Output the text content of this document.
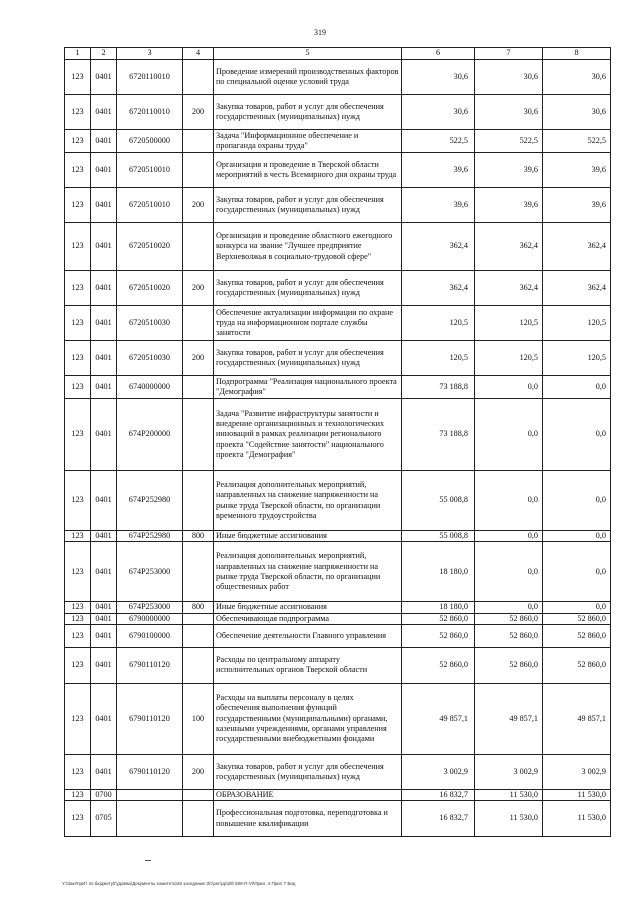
319
1	2	3	4	5	6	7	8
123	0401	6720110010		Проведение измерений производственных факторов по специальной оценке условий труда	30,6	30,6	30,6
123	0401	6720110010	200	Закупка товаров, работ и услуг для обеспечения государственных (муниципальных) нужд	30,6	30,6	30,6
123	0401	6720500000		Задача "Информационное обеспечение и пропаганда охраны труда"	522,5	522,5	522,5
123	0401	6720510010		Организация и проведение в Тверской области мероприятий в честь Всемирного дня охраны труда	39,6	39,6	39,6
123	0401	6720510010	200	Закупка товаров, работ и услуг для обеспечения государственных (муниципальных) нужд	39,6	39,6	39,6
123	0401	6720510020		Организация и проведение областного ежегодного конкурса на звание "Лучшее предприятие Верхневолжья в социально-трудовой сфере"	362,4	362,4	362,4
123	0401	6720510020	200	Закупка товаров, работ и услуг для обеспечения государственных (муниципальных) нужд	362,4	362,4	362,4
123	0401	6720510030		Обеспечение актуализации информации по охране труда на информационном портале службы занятости	120,5	120,5	120,5
123	0401	6720510030	200	Закупка товаров, работ и услуг для обеспечения государственных (муниципальных) нужд	120,5	120,5	120,5
123	0401	6740000000		Подпрограмма "Реализация национального проекта "Демография"	73 188,8	0,0	0,0
123	0401	674P200000		Задача "Развитие инфраструктуры занятости и внедрение организационных и технологических инноваций в рамках реализации регионального проекта "Содействие занятости" национального проекта "Демография"	73 188,8	0,0	0,0
123	0401	674P252980		Реализация дополнительных мероприятий, направленных на снижение напряженности на рынке труда Тверской области, по организации временного трудоустройства	55 008,8	0,0	0,0
123	0401	674P252980	800	Иные бюджетные ассигнования	55 008,8	0,0	0,0
123	0401	674P253000		Реализация дополнительных мероприятий, направленных на снижение напряженности на рынке труда Тверской области, по организации общественных работ	18 180,0	0,0	0,0
123	0401	674P253000	800	Иные бюджетные ассигнования	18 180,0	0,0	0,0
123	0401	6790000000		Обеспечивающая подпрограмма	52 860,0	52 860,0	52 860,0
123	0401	6790100000		Обеспечение деятельности Главного управления	52 860,0	52 860,0	52 860,0
123	0401	6790110120		Расходы по центральному аппарату исполнительных органов Тверской области	52 860,0	52 860,0	52 860,0
123	0401	6790110120	100	Расходы на выплаты персоналу в целях обеспечения выполнения функций государственными (муниципальными) органами, казенными учреждениями, органами управления государственными внебюджетными фондами	49 857,1	49 857,1	49 857,1
123	0401	6790110120	200	Закупка товаров, работ и услуг для обеспечения государственных (муниципальных) нужд	3 002,9	3 002,9	3 002,9
123	0700			ОБРАЗОВАНИЕ	16 832,7	11 530,0	11 530,0
123	0705			Профессиональная подготовка, переподготовка и повышение квалификации	16 832,7	11 530,0	11 530,0
Y:\ЗакУпрИт по бюджету\Гудаева\Документы комитета\28 заседание ЗС\рег\рр\28\ 508-П-VI\Прил. 4 Прил 7 Вед
